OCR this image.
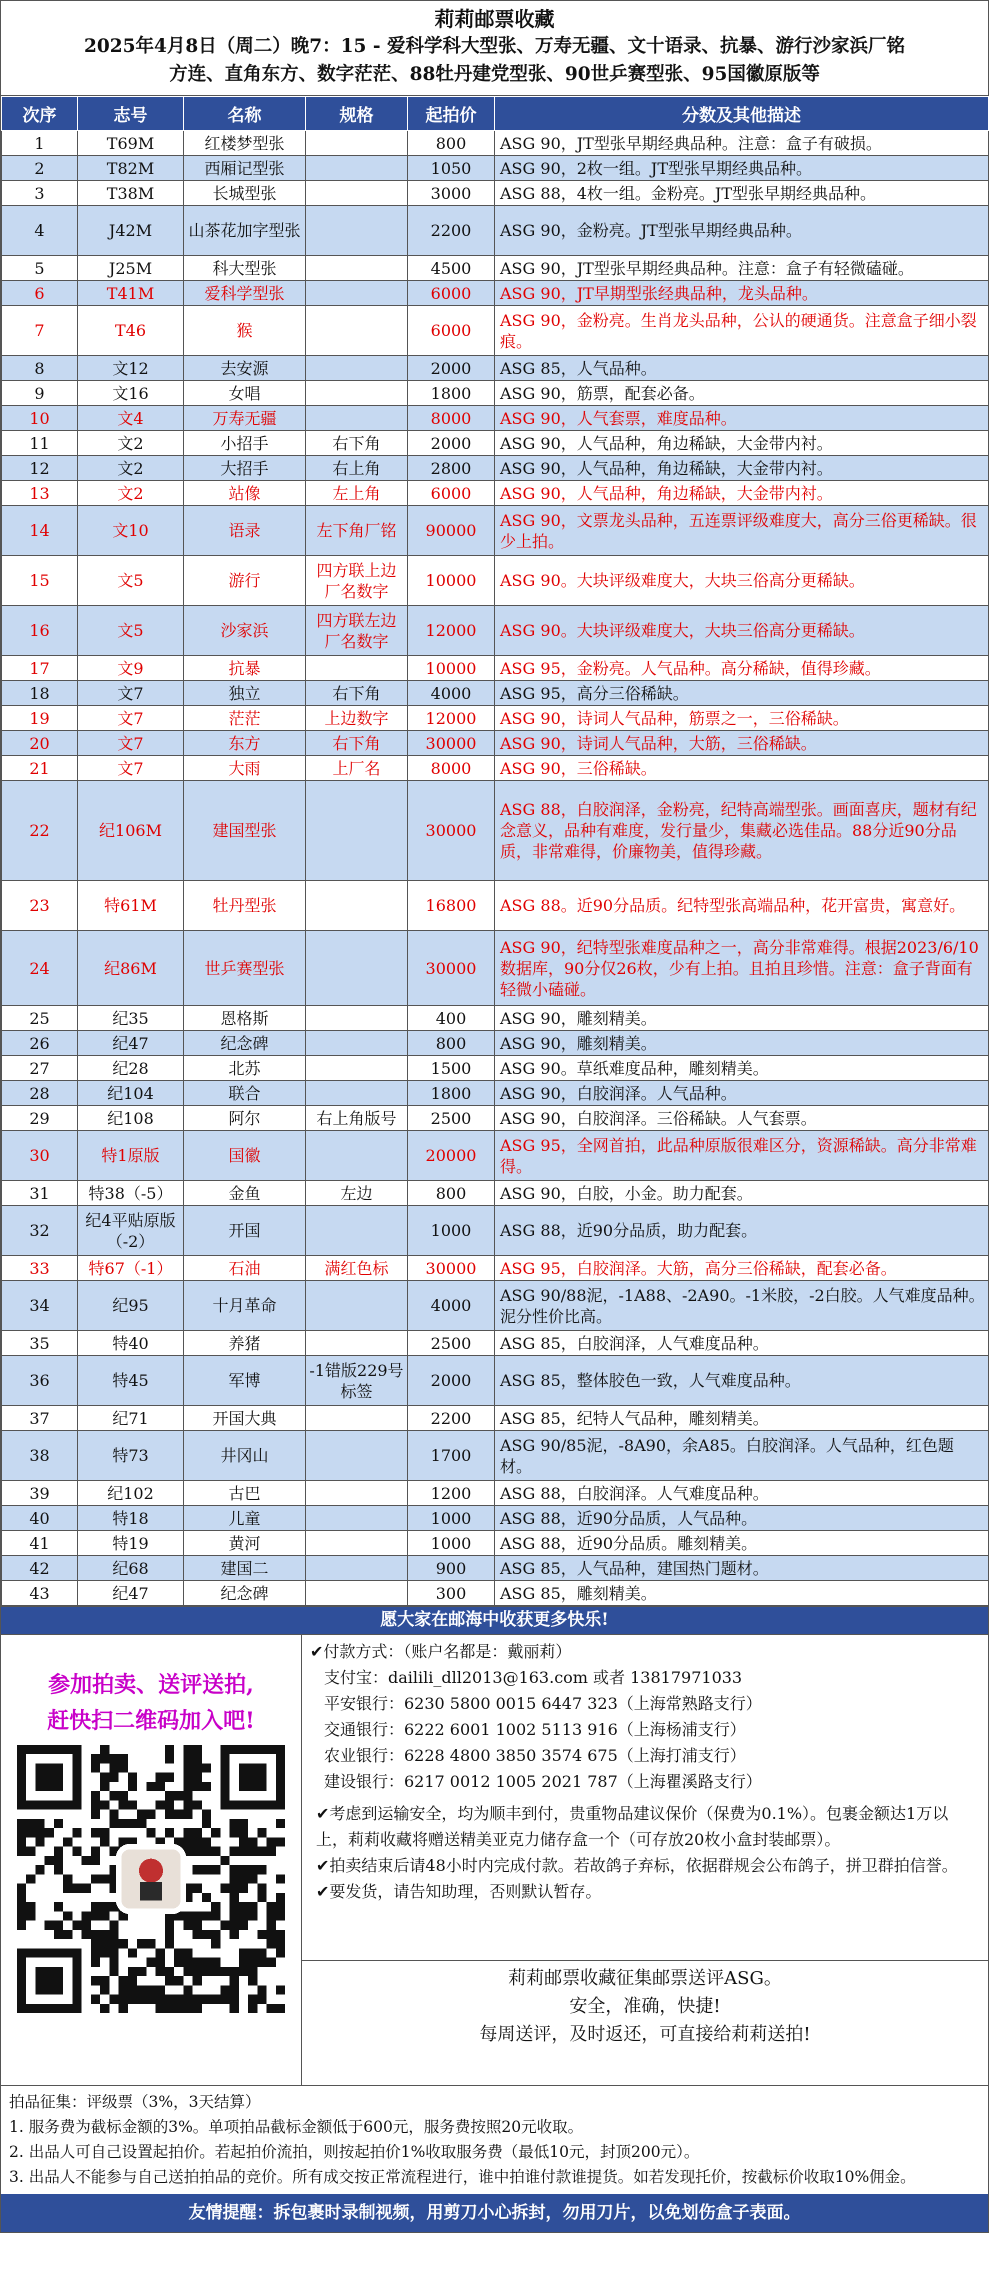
莉莉邮票收藏
2025年4月8日（周二）晚7：15 - 爱科学科大型张、万寿无疆、文十语录、抗暴、游行沙家浜厂铭
方连、直角东方、数字茫茫、88牡丹建党型张、90世乒赛型张、95国徽原版等
次序	志号	名称	规格	起拍价	分数及其他描述
1	T69M	红楼梦型张		800	ASG 90，JT型张早期经典品种。注意：盒子有破损。
2	T82M	西厢记型张		1050	ASG 90，2枚一组。JT型张早期经典品种。
3	T38M	长城型张		3000	ASG 88，4枚一组。金粉亮。JT型张早期经典品种。
4	J42M	山茶花加字型张		2200	ASG 90，金粉亮。JT型张早期经典品种。
5	J25M	科大型张		4500	ASG 90，JT型张早期经典品种。注意：盒子有轻微磕碰。
6	T41M	爱科学型张		6000	ASG 90，JT早期型张经典品种，龙头品种。
7	T46	猴		6000	ASG 90，金粉亮。生肖龙头品种，公认的硬通货。注意盒子细小裂痕。
8	文12	去安源		2000	ASG 85，人气品种。
9	文16	女唱		1800	ASG 90，筋票，配套必备。
10	文4	万寿无疆		8000	ASG 90，人气套票，难度品种。
11	文2	小招手	右下角	2000	ASG 90，人气品种，角边稀缺，大金带内衬。
12	文2	大招手	右上角	2800	ASG 90，人气品种，角边稀缺，大金带内衬。
13	文2	站像	左上角	6000	ASG 90，人气品种，角边稀缺，大金带内衬。
14	文10	语录	左下角厂铭	90000	ASG 90，文票龙头品种，五连票评级难度大，高分三俗更稀缺。很少上拍。
15	文5	游行	四方联上边厂名数字	10000	ASG 90。大块评级难度大，大块三俗高分更稀缺。
16	文5	沙家浜	四方联左边厂名数字	12000	ASG 90。大块评级难度大，大块三俗高分更稀缺。
17	文9	抗暴		10000	ASG 95，金粉亮。人气品种。高分稀缺，值得珍藏。
18	文7	独立	右下角	4000	ASG 95，高分三俗稀缺。
19	文7	茫茫	上边数字	12000	ASG 90，诗词人气品种，筋票之一，三俗稀缺。
20	文7	东方	右下角	30000	ASG 90，诗词人气品种，大筋，三俗稀缺。
21	文7	大雨	上厂名	8000	ASG 90，三俗稀缺。
22	纪106M	建国型张		30000	ASG 88，白胶润泽，金粉亮，纪特高端型张。画面喜庆，题材有纪念意义，品种有难度，发行量少，集藏必选佳品。88分近90分品质，非常难得，价廉物美，值得珍藏。
23	特61M	牡丹型张		16800	ASG 88。近90分品质。纪特型张高端品种，花开富贵，寓意好。
24	纪86M	世乒赛型张		30000	ASG 90，纪特型张难度品种之一，高分非常难得。根据2023/6/10数据库，90分仅26枚，少有上拍。且拍且珍惜。注意：盒子背面有轻微小磕碰。
25	纪35	恩格斯		400	ASG 90，雕刻精美。
26	纪47	纪念碑		800	ASG 90，雕刻精美。
27	纪28	北苏		1500	ASG 90。草纸难度品种，雕刻精美。
28	纪104	联合		1800	ASG 90，白胶润泽。人气品种。
29	纪108	阿尔	右上角版号	2500	ASG 90，白胶润泽。三俗稀缺。人气套票。
30	特1原版	国徽		20000	ASG 95，全网首拍，此品种原版很难区分，资源稀缺。高分非常难得。
31	特38（-5）	金鱼	左边	800	ASG 90，白胶，小金。助力配套。
32	纪4平贴原版（-2）	开国		1000	ASG 88，近90分品质，助力配套。
33	特67（-1）	石油	满红色标	30000	ASG 95，白胶润泽。大筋，高分三俗稀缺，配套必备。
34	纪95	十月革命		4000	ASG 90/88泥，-1A88、-2A90。-1米胶，-2白胶。人气难度品种。泥分性价比高。
35	特40	养猪		2500	ASG 85，白胶润泽，人气难度品种。
36	特45	军博	-1错版229号标签	2000	ASG 85，整体胶色一致，人气难度品种。
37	纪71	开国大典		2200	ASG 85，纪特人气品种，雕刻精美。
38	特73	井冈山		1700	ASG 90/85泥，-8A90，余A85。白胶润泽。人气品种，红色题材。
39	纪102	古巴		1200	ASG 88，白胶润泽。人气难度品种。
40	特18	儿童		1000	ASG 88，近90分品质，人气品种。
41	特19	黄河		1000	ASG 88，近90分品质。雕刻精美。
42	纪68	建国二		900	ASG 85，人气品种，建国热门题材。
43	纪47	纪念碑		300	ASG 85，雕刻精美。
愿大家在邮海中收获更多快乐!
参加拍卖、送评送拍,
赶快扫二维码加入吧!
✔付款方式：（账户名都是：戴丽莉）
支付宝：dailili_dll2013@163.com 或者 13817971033
平安银行：6230 5800 0015 6447 323（上海常熟路支行）
交通银行：6222 6001 1002 5113 916（上海杨浦支行）
农业银行：6228 4800 3850 3574 675（上海打浦支行）
建设银行：6217 0012 1005 2021 787（上海瞿溪路支行）
✔考虑到运输安全，均为顺丰到付，贵重物品建议保价（保费为0.1%）。包裹金额达1万以上，莉莉收藏将赠送精美亚克力储存盒一个（可存放20枚小盒封装邮票）。
✔拍卖结束后请48小时内完成付款。若故鸽子弃标，依据群规会公布鸽子，拼卫群拍信誉。
✔要发货，请告知助理，否则默认暂存。
莉莉邮票收藏征集邮票送评ASG。
安全，准确，快捷!
每周送评，及时返还，可直接给莉莉送拍!
拍品征集：评级票（3%，3天结算）
1. 服务费为截标金额的3%。单项拍品截标金额低于600元，服务费按照20元收取。
2. 出品人可自己设置起拍价。若起拍价流拍，则按起拍价1%收取服务费（最低10元，封顶200元）。
3. 出品人不能参与自己送拍拍品的竞价。所有成交按正常流程进行，谁中拍谁付款谁提货。如若发现托价，按截标价收取10%佣金。
友情提醒：拆包裹时录制视频，用剪刀小心拆封，勿用刀片，以免划伤盒子表面。
